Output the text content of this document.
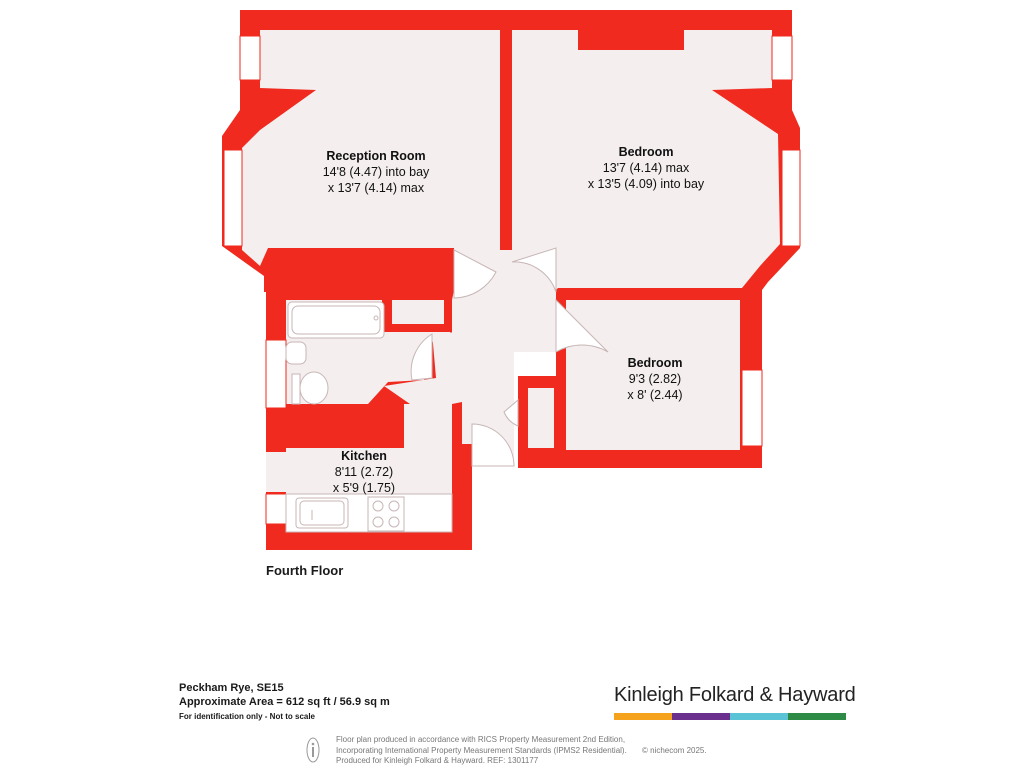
Reception Room
14'8 (4.47) into bay
x 13'7 (4.14) max
Bedroom
13'7 (4.14) max
x 13'5 (4.09) into bay
Bedroom
9'3 (2.82)
x 8' (2.44)
Kitchen
8'11 (2.72)
x 5'9 (1.75)
Fourth Floor
Peckham Rye, SE15
Approximate Area = 612 sq ft / 56.9 sq m
For identification only - Not to scale
Kinleigh Folkard & Hayward
Floor plan produced in accordance with RICS Property Measurement 2nd Edition,
Incorporating International Property Measurement Standards (IPMS2 Residential).
Produced for Kinleigh Folkard & Hayward. REF: 1301177
© nichecom 2025.
